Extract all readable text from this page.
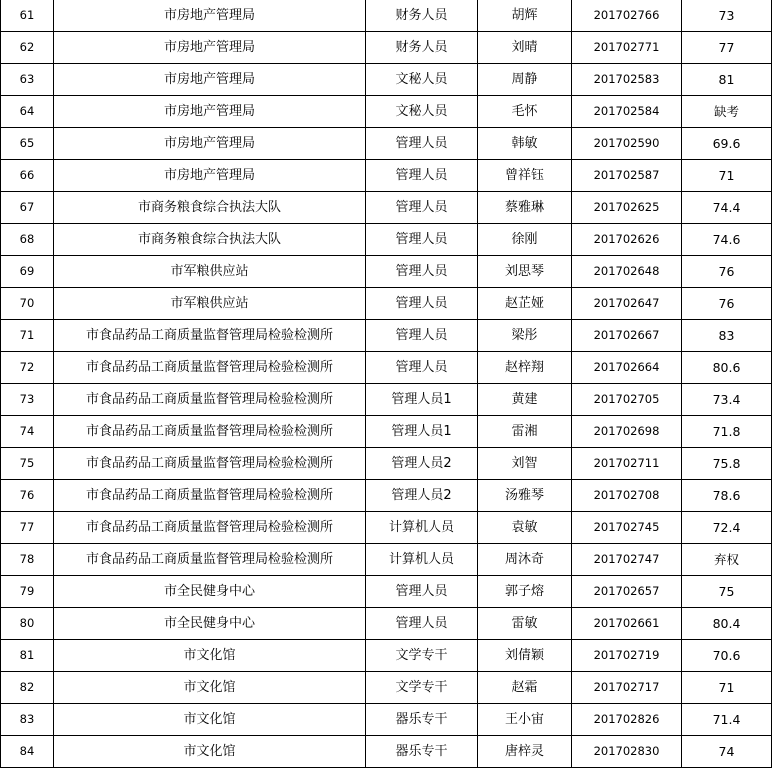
61	市房地产管理局	财务人员	胡辉	201702766	73
62	市房地产管理局	财务人员	刘晴	201702771	77
63	市房地产管理局	文秘人员	周静	201702583	81
64	市房地产管理局	文秘人员	毛怀	201702584	缺考
65	市房地产管理局	管理人员	韩敏	201702590	69.6
66	市房地产管理局	管理人员	曾祥钰	201702587	71
67	市商务粮食综合执法大队	管理人员	蔡雅琳	201702625	74.4
68	市商务粮食综合执法大队	管理人员	徐刚	201702626	74.6
69	市军粮供应站	管理人员	刘思琴	201702648	76
70	市军粮供应站	管理人员	赵芷娅	201702647	76
71	市食品药品工商质量监督管理局检验检测所	管理人员	梁彤	201702667	83
72	市食品药品工商质量监督管理局检验检测所	管理人员	赵梓翔	201702664	80.6
73	市食品药品工商质量监督管理局检验检测所	管理人员1	黄建	201702705	73.4
74	市食品药品工商质量监督管理局检验检测所	管理人员1	雷湘	201702698	71.8
75	市食品药品工商质量监督管理局检验检测所	管理人员2	刘智	201702711	75.8
76	市食品药品工商质量监督管理局检验检测所	管理人员2	汤雅琴	201702708	78.6
77	市食品药品工商质量监督管理局检验检测所	计算机人员	袁敏	201702745	72.4
78	市食品药品工商质量监督管理局检验检测所	计算机人员	周沐奇	201702747	弃权
79	市全民健身中心	管理人员	郭子熔	201702657	75
80	市全民健身中心	管理人员	雷敏	201702661	80.4
81	市文化馆	文学专干	刘倩颖	201702719	70.6
82	市文化馆	文学专干	赵霜	201702717	71
83	市文化馆	器乐专干	王小宙	201702826	71.4
84	市文化馆	器乐专干	唐梓灵	201702830	74
